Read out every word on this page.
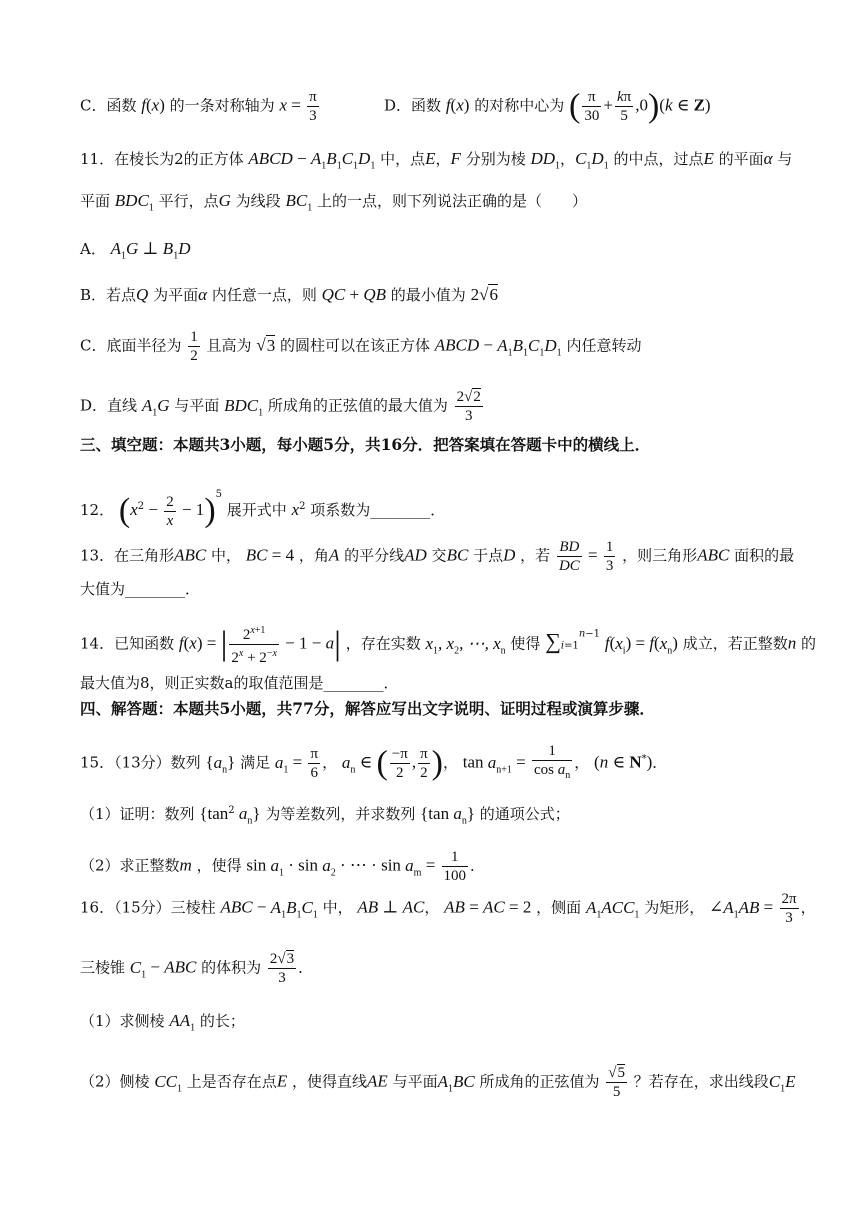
C．函数 f(x) 的一条对称轴为 $x = \frac{\pi}{3}$	D．函数 f(x) 的对称中心为 ( $\frac{\pi}{30} + \frac{k\pi}{5} ,0)(k$ ∈ Z)
11．在棱长为2的正方体 ABCD − $A_1B_1C_1D_1$ 中，点E，F 分别为棱 $DD_1$，$C_1D_1$ 的中点，过点E 的平面α 与
平面 $BDC_1$ 平行，点G 为线段 $BC_1$ 上的一点，则下列说法正确的是（　　）
A． $A_1G$ ⊥ $B_1D$
B．若点Q 为平面α 内任意一点，则 QC + QB 的最小值为 2√6
C．底面半径为 $\frac{1}{2}$ 且高为 √3 的圆柱可以在该正方体 ABCD − $A_1B_1C_1D_1$ 内任意转动
D．直线 $A_1G$ 与平面 $BDC_1$ 所成角的正弦值的最大值为 $\frac{2√2}{3}$
三、填空题：本题共3小题，每小题5分，共16分．把答案填在答题卡中的横线上．
12． $(x^2 - \frac{2}{x} - 1)^5$ 展开式中 $x^2$ 项系数为________．
13．在三角形ABC 中， BC = 4 ，角A 的平分线AD 交BC 于点D ，若 $\frac{BD}{DC} = \frac{1}{3}$ ，则三角形ABC 面积的最
大值为________．
14．已知函数 f(x) = | $\frac{2^{x+1}}{2^x + 2^{-x}} - 1 - a|$ ，存在实数 $x_1$, $x_2$, ⋯, $x_n$ 使得 $\sum i=1^{n-1}$ $f(x_i) = f(x_n)$ 成立，若正整数n 的
最大值为8，则正实数a的取值范围是________．
四、解答题：本题共5小题，共77分，解答应写出文字说明、证明过程或演算步骤．
15．（13分）数列 $\{a_n\}$ 满足 $a_1 = \frac{\pi}{6}$ ， $a_n$ ∈ ( $\frac{-\pi}{2}$ , $\frac{\pi}{2}$ )， $\tan a_{n+1} = \frac{1}{\cos a_n}$ ， (n ∈ N*)．
（1）证明：数列 {$\tan^2$ $a_n$} 为等差数列，并求数列 {tan $a_n$} 的通项公式；
（2）求正整数m ，使得 $\sin a_1 \cdot \sin a_2$ · ⋯ · $\sin a_m = \frac{1}{100}$ ．
16．（15分）三棱柱 ABC − $A_1B_1C_1$ 中， AB ⊥ AC， AB = AC = 2 ，侧面 $A_1ACC_1$ 为矩形， $\angle A_1AB = \frac{2\pi}{3}$ ，
三棱锥 $C_1$ − ABC 的体积为 $\frac{2√3}{3}$ ．
（1）求侧棱 $AA_1$ 的长；
（2）侧棱 $CC_1$ 上是否存在点E ，使得直线AE 与平面$A_1BC$ 所成角的正弦值为 $\frac{√5}{5}$ ？若存在，求出线段$C_1E$
